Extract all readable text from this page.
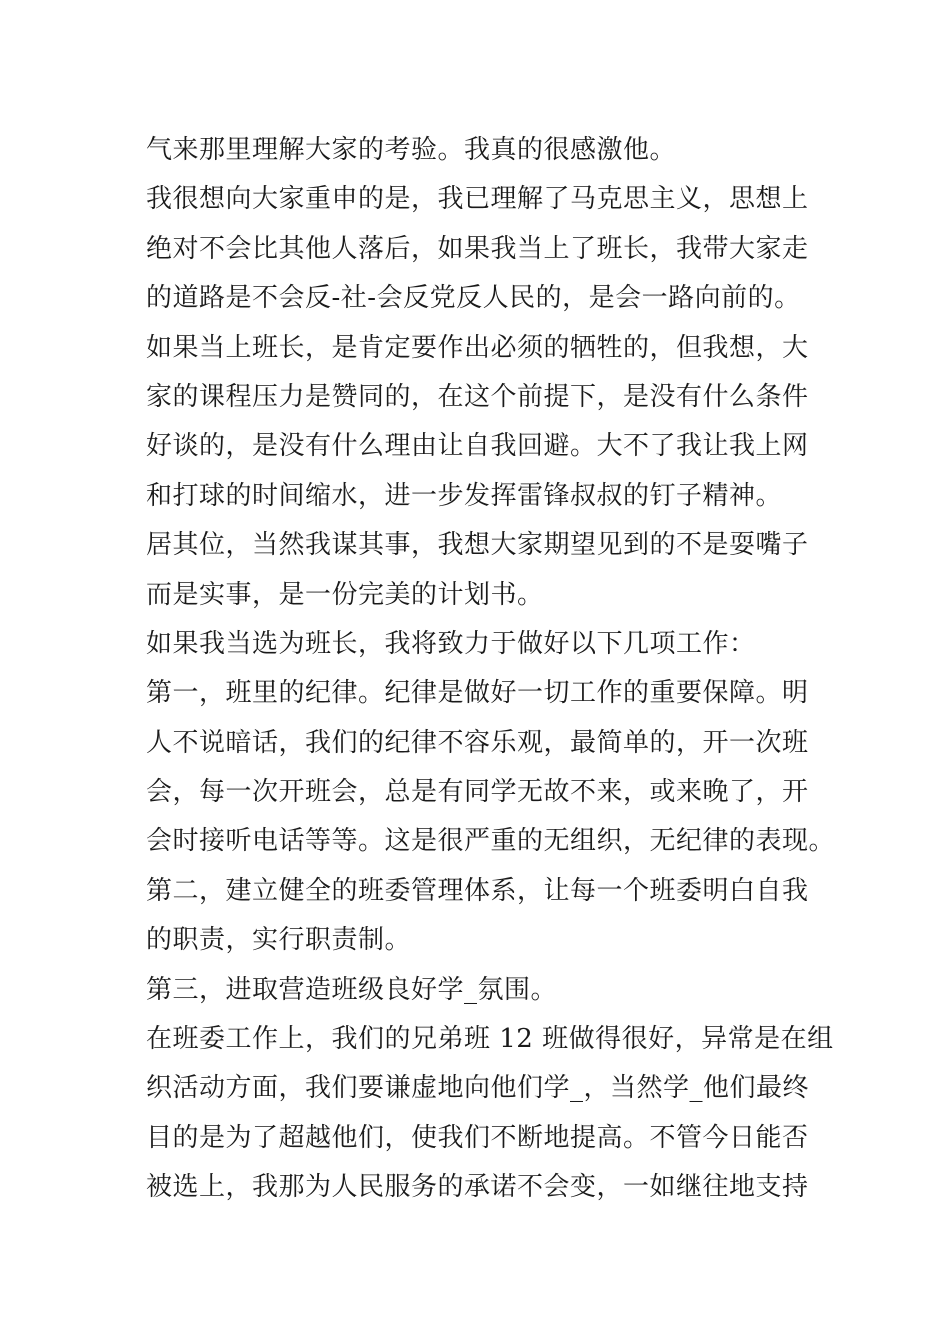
气来那里理解大家的考验。我真的很感激他。
我很想向大家重申的是，我已理解了马克思主义，思想上
绝对不会比其他人落后，如果我当上了班长，我带大家走
的道路是不会反-社-会反党反人民的，是会一路向前的。
如果当上班长，是肯定要作出必须的牺牲的，但我想，大
家的课程压力是赞同的，在这个前提下，是没有什么条件
好谈的，是没有什么理由让自我回避。大不了我让我上网
和打球的时间缩水，进一步发挥雷锋叔叔的钉子精神。
居其位，当然我谋其事，我想大家期望见到的不是耍嘴子
而是实事，是一份完美的计划书。
如果我当选为班长，我将致力于做好以下几项工作：
第一，班里的纪律。纪律是做好一切工作的重要保障。明
人不说暗话，我们的纪律不容乐观，最简单的，开一次班
会，每一次开班会，总是有同学无故不来，或来晚了，开
会时接听电话等等。这是很严重的无组织，无纪律的表现。
第二，建立健全的班委管理体系，让每一个班委明白自我
的职责，实行职责制。
第三，进取营造班级良好学_氛围。
在班委工作上，我们的兄弟班 12 班做得很好，异常是在组
织活动方面，我们要谦虚地向他们学_，当然学_他们最终
目的是为了超越他们，使我们不断地提高。不管今日能否
被选上，我那为人民服务的承诺不会变，一如继往地支持
